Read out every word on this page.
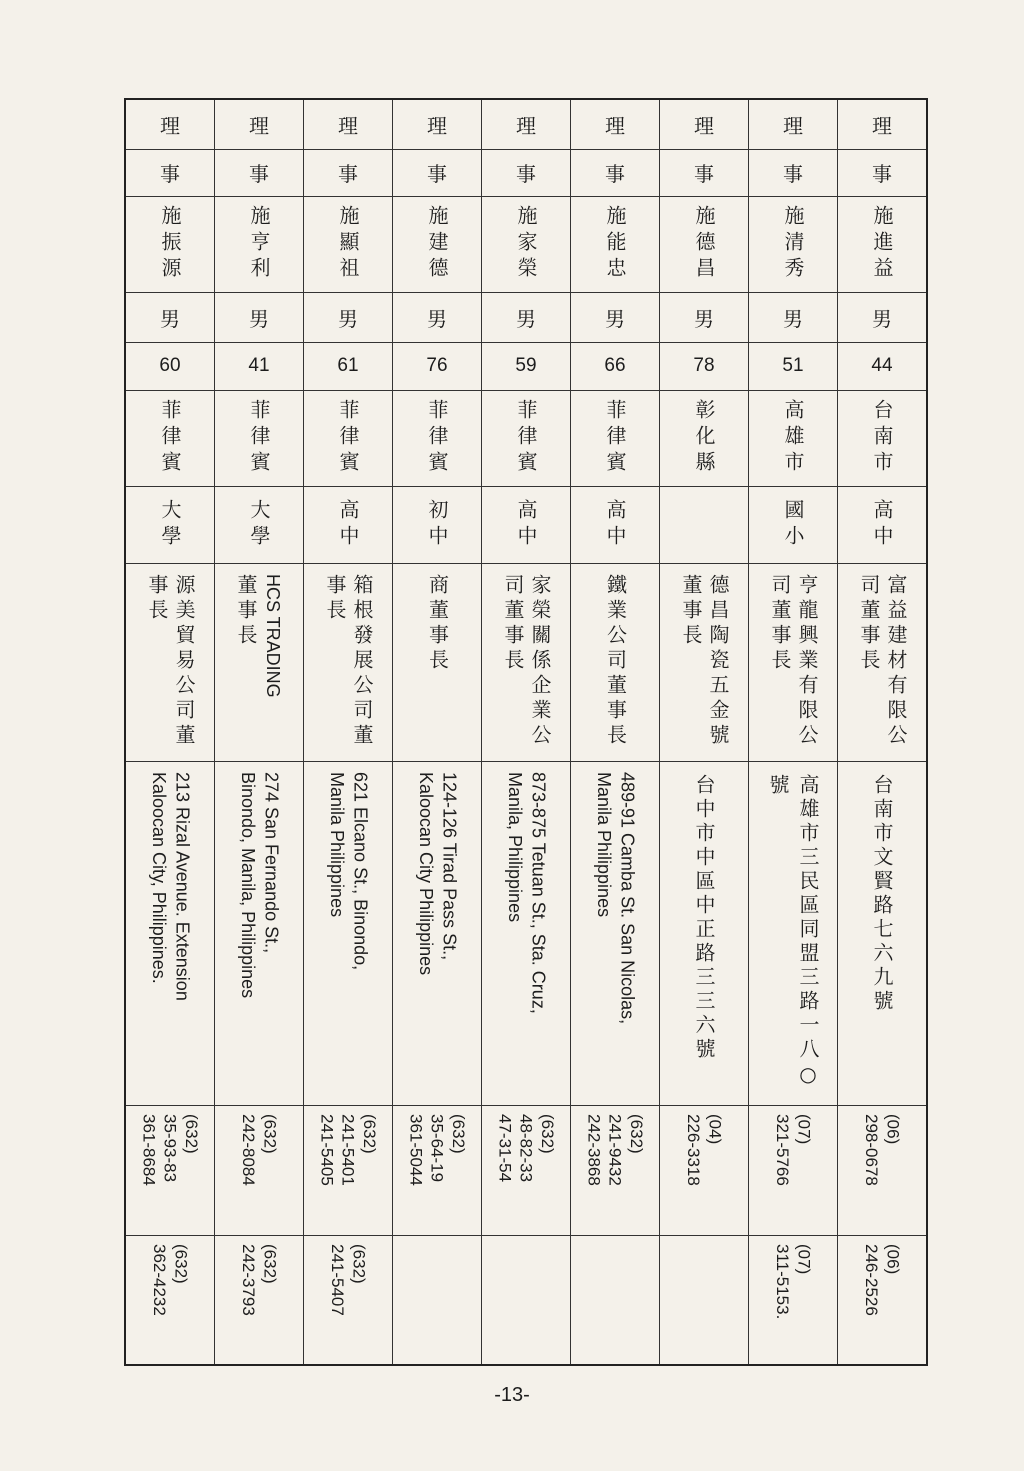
理
事
施進益
男
44
台南市
高中
富益建材有限公司董事長
台南市文賢路七六九號
(06)
298-0678
(06)
246-2526
理
事
施清秀
男
51
高雄市
國小
亨龍興業有限公司董事長
高雄市三民區同盟三路一八○號
(07)
321-5766
(07)
311-5153.
理
事
施德昌
男
78
彰化縣
德昌陶瓷五金號董事長
台中市中區中正路三三六號
(04)
226-3318
理
事
施能忠
男
66
菲律賓
高中
鐵業公司董事長
489-91 Camba St. San Nicolas,
Manila Philippines
(632)
241-9432
242-3868
理
事
施家榮
男
59
菲律賓
高中
家榮關係企業公司董事長
873-875 Tetuan St., Sta. Cruz,
Manila, Philippines
(632)
48-82-33
47-31-54
理
事
施建德
男
76
菲律賓
初中
商董事長
124-126 Tirad Pass St.,
Kaloocan City Philippines
(632)
35-64-19
361-5044
理
事
施顯祖
男
61
菲律賓
高中
箱根發展公司董事長
621 Elcano St., Binondo,
Manila Philippines
(632)
241-5401
241-5405
(632)
241-5407
理
事
施亨利
男
41
菲律賓
大學
HCS TRADING
董事長
274 San Fernando St.,
Binondo, Manila, Philippines
(632)
242-8084
(632)
242-3793
理
事
施振源
男
60
菲律賓
大學
源美貿易公司董事長
213 Rizal Avenue. Extension
Kaloocan City, Philippines.
(632)
35-93-83
361-8684
(632)
362-4232
-13-
